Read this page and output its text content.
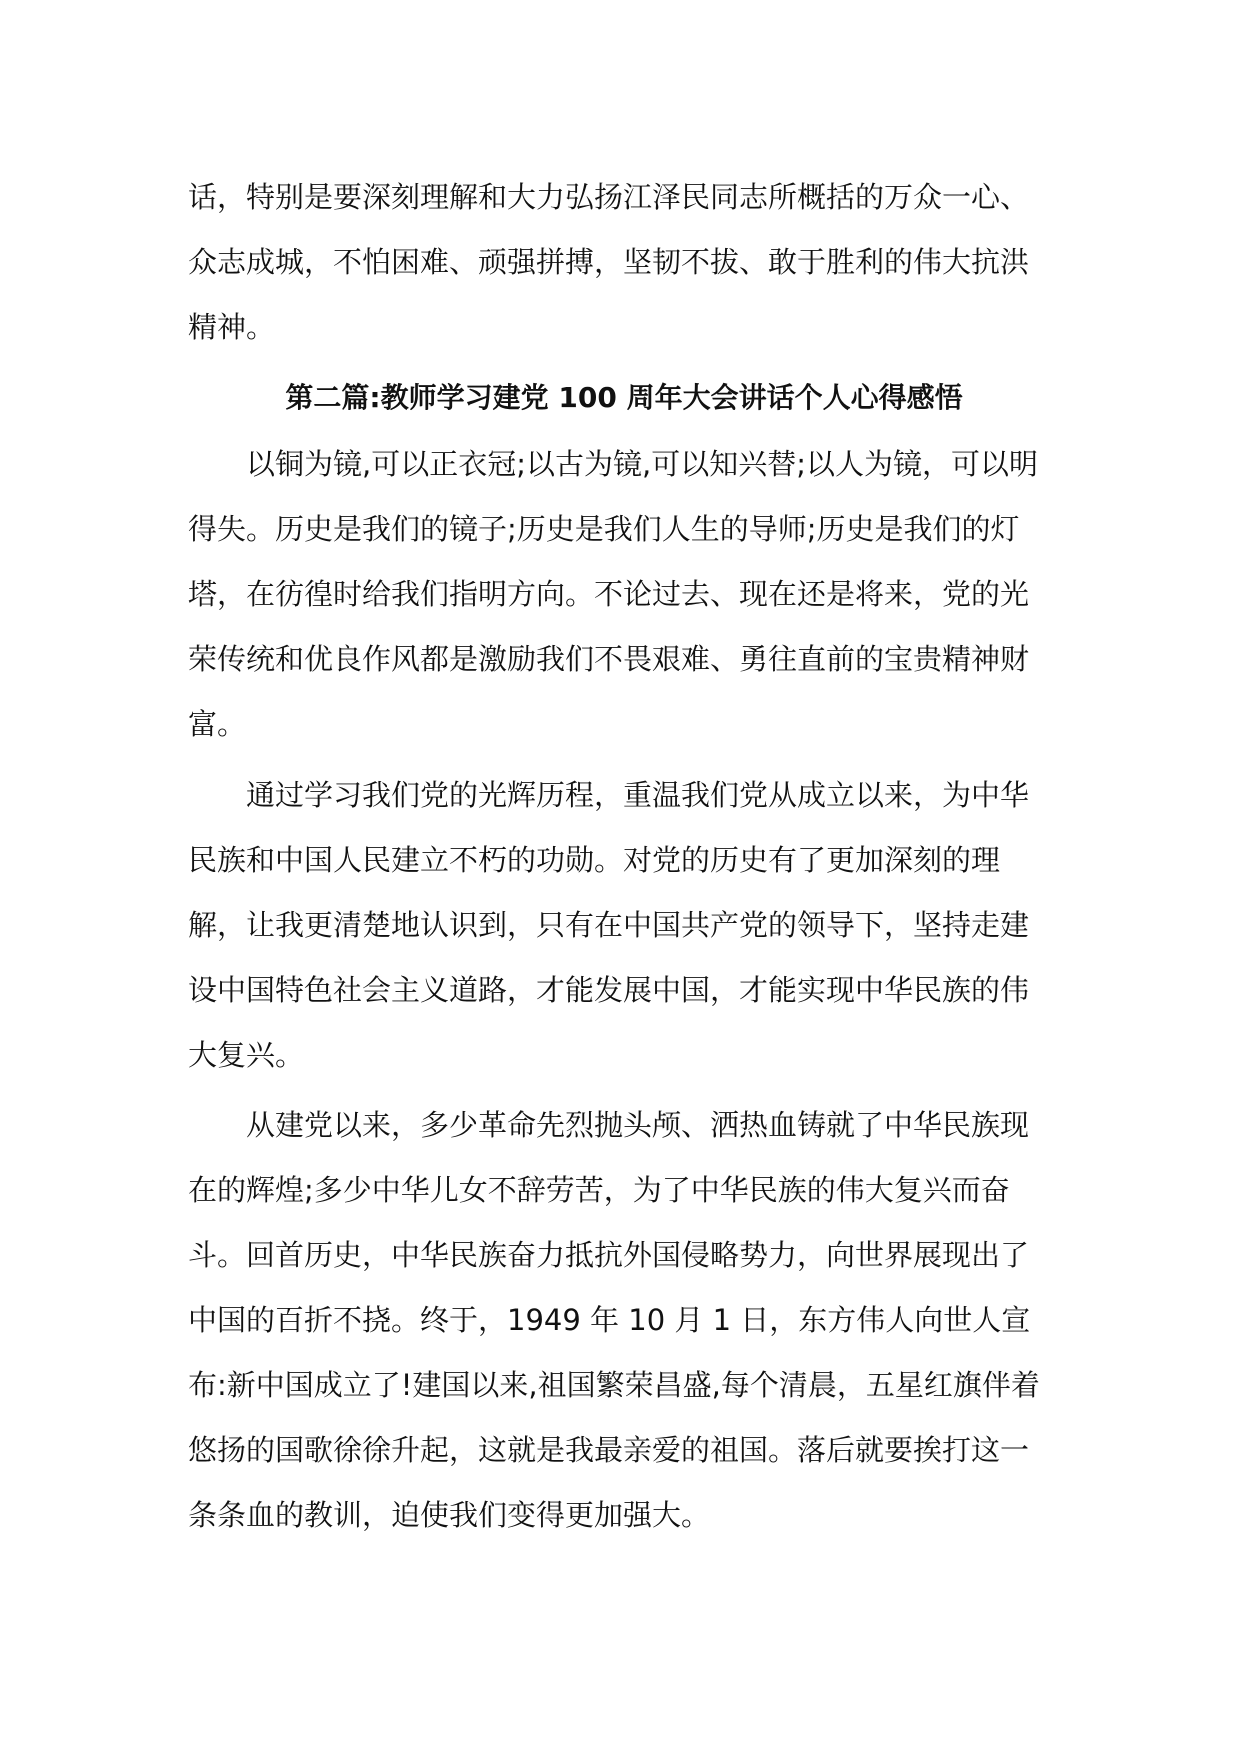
话，特别是要深刻理解和大力弘扬江泽民同志所概括的万众一心、
众志成城，不怕困难、顽强拼搏，坚韧不拔、敢于胜利的伟大抗洪
精神。
第二篇:教师学习建党 100 周年大会讲话个人心得感悟
以铜为镜,可以正衣冠;以古为镜,可以知兴替;以人为镜，可以明
得失。历史是我们的镜子;历史是我们人生的导师;历史是我们的灯
塔，在彷徨时给我们指明方向。不论过去、现在还是将来，党的光
荣传统和优良作风都是激励我们不畏艰难、勇往直前的宝贵精神财
富。
通过学习我们党的光辉历程，重温我们党从成立以来，为中华
民族和中国人民建立不朽的功勋。对党的历史有了更加深刻的理
解，让我更清楚地认识到，只有在中国共产党的领导下，坚持走建
设中国特色社会主义道路，才能发展中国，才能实现中华民族的伟
大复兴。
从建党以来，多少革命先烈抛头颅、洒热血铸就了中华民族现
在的辉煌;多少中华儿女不辞劳苦，为了中华民族的伟大复兴而奋
斗。回首历史，中华民族奋力抵抗外国侵略势力，向世界展现出了
中国的百折不挠。终于，1949 年 10 月 1 日，东方伟人向世人宣
布:新中国成立了!建国以来,祖国繁荣昌盛,每个清晨，五星红旗伴着
悠扬的国歌徐徐升起，这就是我最亲爱的祖国。落后就要挨打这一
条条血的教训，迫使我们变得更加强大。
